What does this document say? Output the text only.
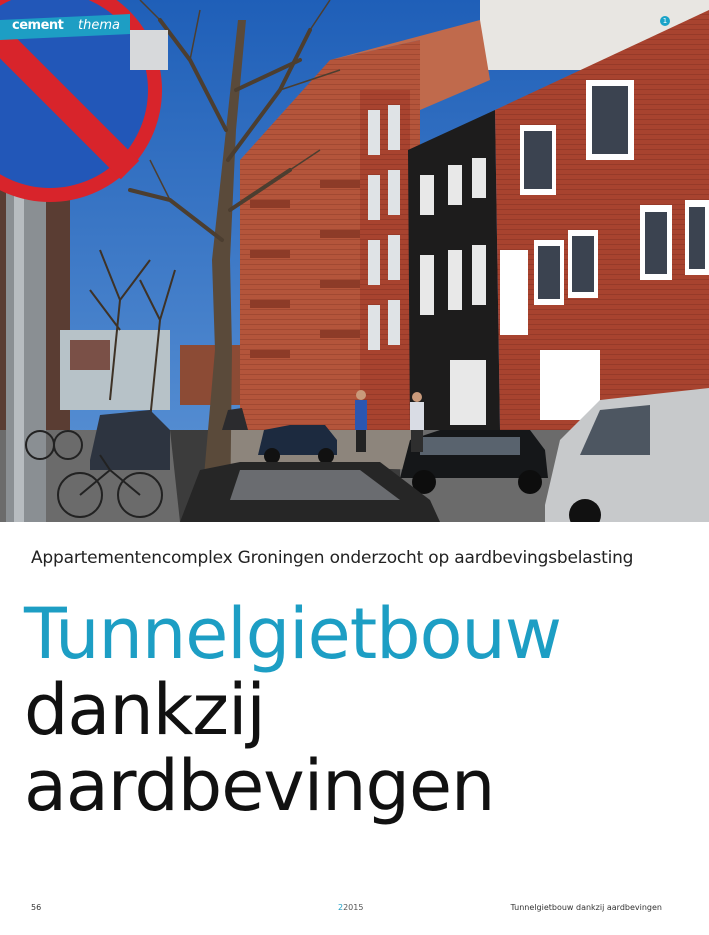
cement thema	1
Appartementencomplex Groningen onderzocht op aardbevingsbelasting
Tunnelgietbouw
dankzij
aardbevingen
56	22015	Tunnelgietbouw dankzij aardbevingen
